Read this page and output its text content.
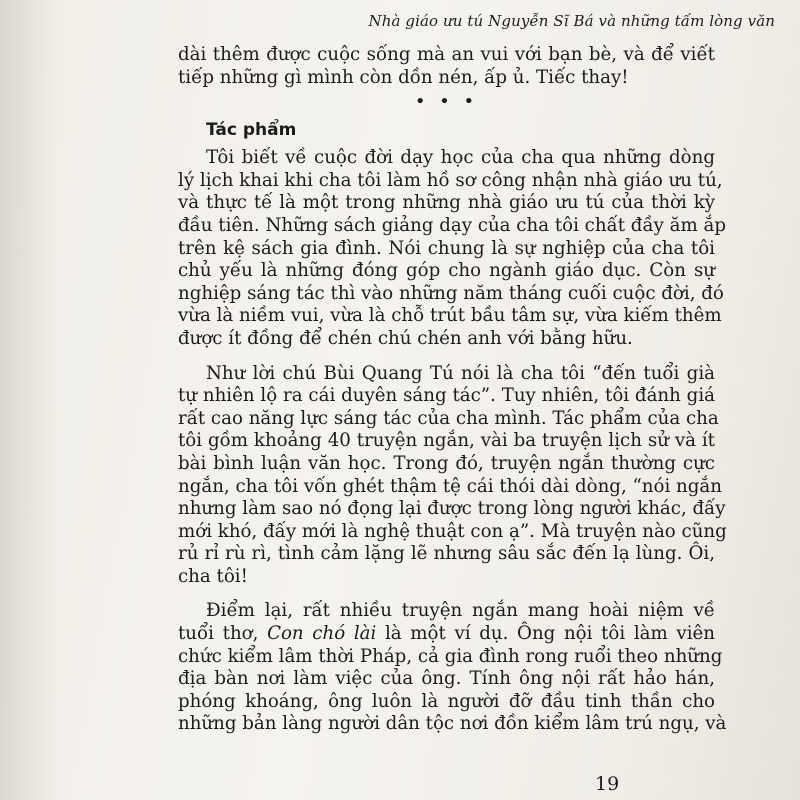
Nhà giáo ưu tú Nguyễn Sĩ Bá và những tấm lòng văn
dài thêm được cuộc sống mà an vui với bạn bè, và để viết
tiếp những gì mình còn dồn nén, ấp ủ. Tiếc thay!
• • •
Tác phẩm
Tôi biết về cuộc đời dạy học của cha qua những dòng
lý lịch khai khi cha tôi làm hồ sơ công nhận nhà giáo ưu tú,
và thực tế là một trong những nhà giáo ưu tú của thời kỳ
đầu tiên. Những sách giảng dạy của cha tôi chất đầy ăm ắp
trên kệ sách gia đình. Nói chung là sự nghiệp của cha tôi
chủ yếu là những đóng góp cho ngành giáo dục. Còn sự
nghiệp sáng tác thì vào những năm tháng cuối cuộc đời, đó
vừa là niềm vui, vừa là chỗ trút bầu tâm sự, vừa kiếm thêm
được ít đồng để chén chú chén anh với bằng hữu.
Như lời chú Bùi Quang Tú nói là cha tôi “đến tuổi già
tự nhiên lộ ra cái duyên sáng tác”. Tuy nhiên, tôi đánh giá
rất cao năng lực sáng tác của cha mình. Tác phẩm của cha
tôi gồm khoảng 40 truyện ngắn, vài ba truyện lịch sử và ít
bài bình luận văn học. Trong đó, truyện ngắn thường cực
ngắn, cha tôi vốn ghét thậm tệ cái thói dài dòng, “nói ngắn
nhưng làm sao nó đọng lại được trong lòng người khác, đấy
mới khó, đấy mới là nghệ thuật con ạ”. Mà truyện nào cũng
rủ rỉ rù rì, tình cảm lặng lẽ nhưng sâu sắc đến lạ lùng. Ôi,
cha tôi!
Điểm lại, rất nhiều truyện ngắn mang hoài niệm về
tuổi thơ, Con chó lài là một ví dụ. Ông nội tôi làm viên
chức kiểm lâm thời Pháp, cả gia đình rong ruổi theo những
địa bàn nơi làm việc của ông. Tính ông nội rất hảo hán,
phóng khoáng, ông luôn là người đỡ đầu tinh thần cho
những bản làng người dân tộc nơi đồn kiểm lâm trú ngụ, và
19
